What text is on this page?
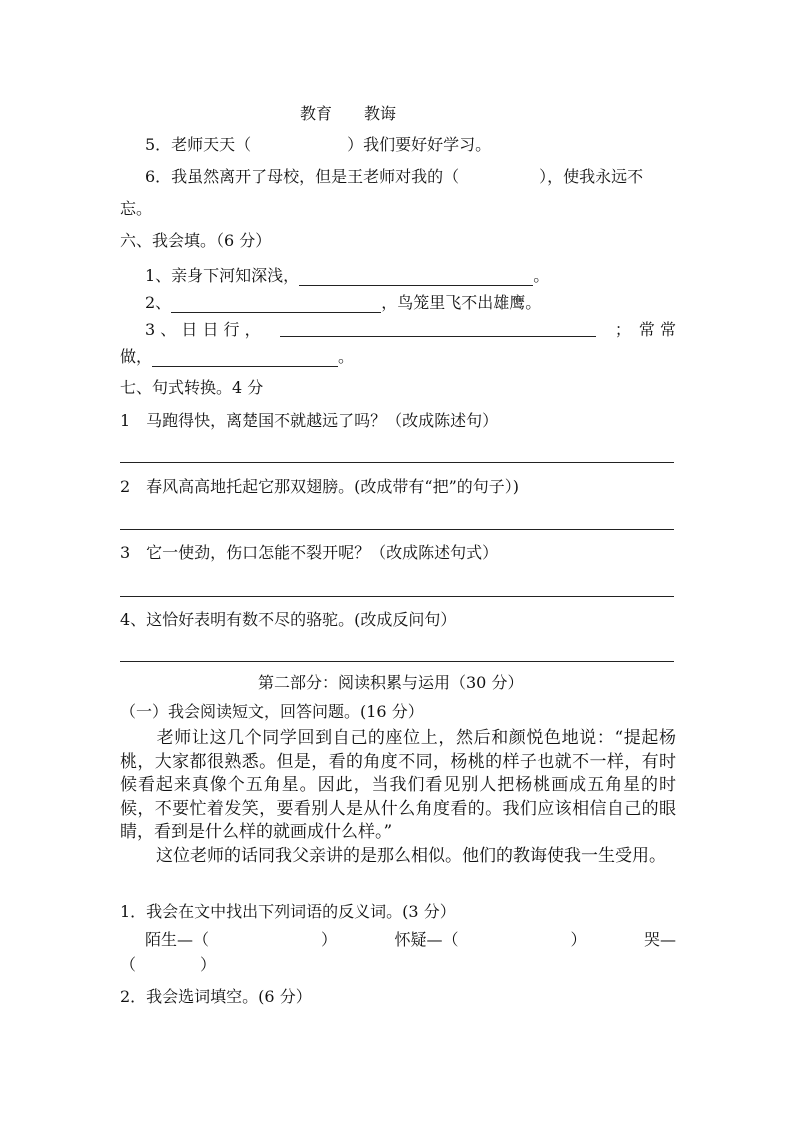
教育　　教诲
5．老师天天（　　　　　　）我们要好好学习。
6．我虽然离开了母校，但是王老师对我的（　　　　　），使我永远不
忘。
六、我会填。（6 分）
1、亲身下河知深浅，	。
2、	，鸟笼里飞不出雄鹰。
3 、 日 日 行 ，	；　常 常
做，	。
七、句式转换。4 分
1　马跑得快，离楚国不就越远了吗？（改成陈述句）
2　春风高高地托起它那双翅膀。(改成带有“把”的句子）)
3　它一使劲，伤口怎能不裂开呢？（改成陈述句式）
4、这恰好表明有数不尽的骆驼。(改成反问句）
第二部分：阅读积累与运用（30 分）
（一）我会阅读短文，回答问题。(16 分）
老师让这几个同学回到自己的座位上，然后和颜悦色地说：“提起杨桃，大家都很熟悉。但是，看的角度不同，杨桃的样子也就不一样，有时候看起来真像个五角星。因此，当我们看见别人把杨桃画成五角星的时候，不要忙着发笑，要看别人是从什么角度看的。我们应该相信自己的眼睛，看到是什么样的就画成什么样。”
这位老师的话同我父亲讲的是那么相似。他们的教诲使我一生受用。
1．我会在文中找出下列词语的反义词。(3 分）
陌生—（　　　　　　　）	怀疑—（　　　　　　　）	哭—
（　　　　）
2．我会选词填空。(6 分）
